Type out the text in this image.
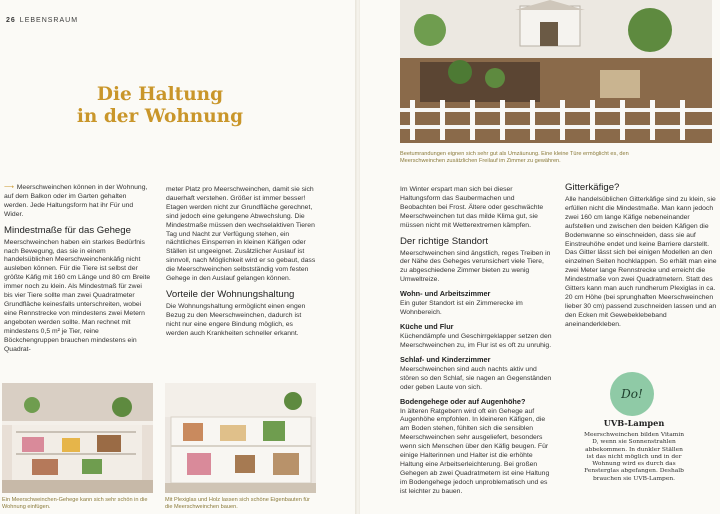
26 LEBENSRAUM
Die Haltung
in der Wohnung

⟶ Meerschweinchen können in der Wohnung, auf dem Balkon oder im Garten gehalten werden. Jede Haltungsform hat ihr Für und Wider.

Mindestmaße für das Gehege

Meerschweinchen haben ein starkes Bedürfnis nach Bewegung, das sie in einem handelsüblichen Meerschweinchenkäfig nicht ausleben können. Für die Tiere ist selbst der größte Käfig mit 160 cm Länge und 80 cm Breite immer noch zu klein. Als Mindestmaß für zwei bis vier Tiere sollte man zwei Quadratmeter Grundfläche keinesfalls unterschreiten, wobei eine Rennstrecke von mindestens zwei Metern angeboten werden sollte. Man rechnet mit mindestens 0,5 m² je Tier, reine Böckchengruppen brauchen mindestens ein Quadrat-

meter Platz pro Meerschweinchen, damit sie sich dauerhaft verstehen. Größer ist immer besser! Etagen werden nicht zur Grundfläche gerechnet, sind jedoch eine gelungene Abwechslung. Die Mindestmaße müssen den wechselaktiven Tieren Tag und Nacht zur Verfügung stehen, ein nächtliches Einsperren in kleinen Käfigen oder Ställen ist ungeeignet. Zusätzlicher Auslauf ist sinnvoll, nach Möglichkeit wird er so gebaut, dass die Meerschweinchen selbstständig vom festen Gehege in den Auslauf gelangen können.

Vorteile der Wohnungshaltung

Die Wohnungshaltung ermöglicht einen engen Bezug zu den Meerschweinchen, dadurch ist nicht nur eine engere Bindung möglich, es werden auch Krankheiten schneller erkannt.

Ein Meerschweinchen-Gehege kann sich sehr schön in die Wohnung einfügen.
Mit Plexiglas und Holz lassen sich schöne Eigenbauten für die Meerschweinchen bauen.
Beetumrandungen eignen sich sehr gut als Umzäunung. Eine kleine Türe ermöglicht es, den Meerschweinchen zusätzlichen Freilauf im Zimmer zu gewähren.

Im Winter erspart man sich bei dieser Haltungsform das Saubermachen und Beobachten bei Frost. Ältere oder geschwächte Meerschweinchen tut das milde Klima gut, sie müssen nicht mit Wetterextremen kämpfen.

Der richtige Standort

Meerschweinchen sind ängstlich, reges Treiben in der Nähe des Geheges verunsichert viele Tiere, zu abgeschiedene Zimmer bieten zu wenig Umweltreize.

Wohn- und Arbeitszimmer

Ein guter Standort ist ein Zimmerecke im Wohnbereich.

Küche und Flur

Küchendämpfe und Geschirrgeklapper setzen den Meerschweinchen zu, im Flur ist es oft zu unruhig.

Schlaf- und Kinderzimmer

Meerschweinchen sind auch nachts aktiv und stören so den Schlaf, sie nagen an Gegenständen oder geben Laute von sich.

Bodengehege oder auf Augenhöhe?

In älteren Ratgebern wird oft ein Gehege auf Augenhöhe empfohlen. In kleineren Käfigen, die am Boden stehen, fühlten sich die sensiblen Meerschweinchen sehr ausgeliefert, besonders wenn sich Menschen über den Käfig beugen. Für einige Halterinnen und Halter ist die erhöhte Haltung eine Arbeitserleichterung. Bei großen Gehegen ab zwei Quadratmetern ist eine Haltung im Bodengehege jedoch unproblematisch und es ist leichter zu bauen.

Gitterkäfige?

Alle handelsüblichen Gitterkäfige sind zu klein, sie erfüllen nicht die Mindestmaße. Man kann jedoch zwei 160 cm lange Käfige nebeneinander aufstellen und zwischen den beiden Käfigen die Bodenwanne so einschneiden, dass sie auf Einstreuhöhe endet und keine Barriere darstellt. Das Gitter lässt sich bei einigen Modellen an den einzelnen Seiten hochklappen. So erhält man eine zwei Meter lange Rennstrecke und erreicht die Mindestmaße von zwei Quadratmetern. Statt des Gitters kann man auch rundherum Plexiglas in ca. 20 cm Höhe (bei sprunghaften Meerschweinchen lieber 30 cm) passend zuschneiden lassen und an den Ecken mit Gewebeklebeband aneinanderkleben.

Do!
UVB-Lampen

Meerschweinchen bilden Vitamin D, wenn sie Sonnenstrahlen abbekommen. In dunkler Ställen ist das nicht möglich und in der Wohnung wird es durch das Fensterglas abgefangen. Deshalb brauchen sie UVB-Lampen.
